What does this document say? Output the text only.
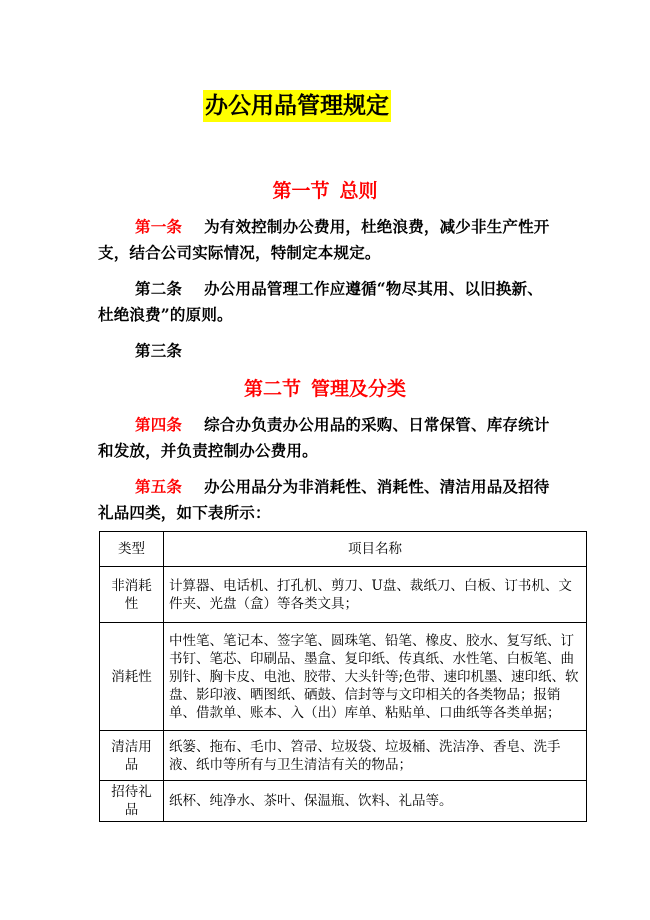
办公用品管理规定
第一节 总则

第一条 为有效控制办公费用，杜绝浪费，减少非生产性开支，结合公司实际情况，特制定本规定。

第二条 办公用品管理工作应遵循“物尽其用、以旧换新、杜绝浪费”的原则。

第三条

第二节 管理及分类

第四条 综合办负责办公用品的采购、日常保管、库存统计和发放，并负责控制办公费用。

第五条 办公用品分为非消耗性、消耗性、清洁用品及招待礼品四类，如下表所示：

类型	项目名称
非消耗性	计算器、电话机、打孔机、剪刀、U盘、裁纸刀、白板、订书机、文件夹、光盘（盒）等各类文具；
消耗性	中性笔、笔记本、签字笔、圆珠笔、铅笔、橡皮、胶水、复写纸、订书钉、笔芯、印刷品、墨盒、复印纸、传真纸、水性笔、白板笔、曲别针、胸卡皮、电池、胶带、大头针等;色带、速印机墨、速印纸、软盘、影印液、晒图纸、硒鼓、信封等与文印相关的各类物品；报销单、借款单、账本、入（出）库单、粘贴单、口曲纸等各类单据；
清洁用品	纸篓、拖布、毛巾、笤帚、垃圾袋、垃圾桶、洗洁净、香皂、洗手液、纸巾等所有与卫生清洁有关的物品；
招待礼品	纸杯、纯净水、茶叶、保温瓶、饮料、礼品等。
